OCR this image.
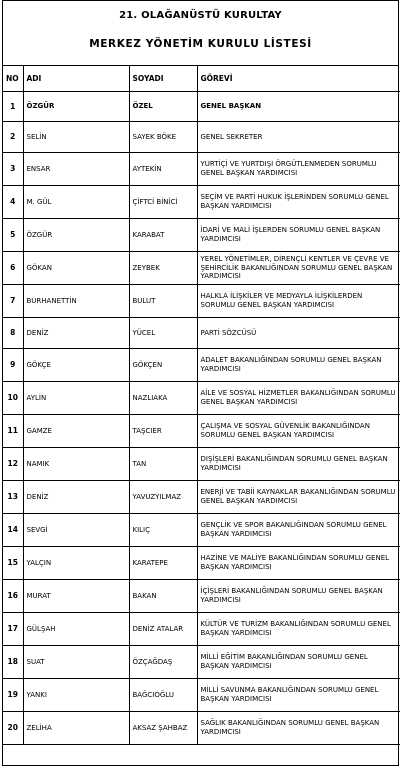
21. OLAĞANÜSTÜ KURULTAY
MERKEZ YÖNETİM KURULU LİSTESİ
NO	ADI	SOYADI	GÖREVİ
1	ÖZGÜR	ÖZEL	GENEL BAŞKAN
2	SELİN	SAYEK BÖKE	GENEL SEKRETER
3	ENSAR	AYTEKİN	YURTİÇİ VE YURTDIŞI ÖRGÜTLENMEDEN SORUMLU GENEL BAŞKAN YARDIMCISI
4	M. GÜL	ÇİFTCİ BİNİCİ	SEÇİM VE PARTİ HUKUK İŞLERİNDEN SORUMLU GENEL BAŞKAN YARDIMCISI
5	ÖZGÜR	KARABAT	İDARİ VE MALİ İŞLERDEN SORUMLU GENEL BAŞKAN YARDIMCISI
6	GÖKAN	ZEYBEK	YEREL YÖNETİMLER, DİRENÇLİ KENTLER VE ÇEVRE VE ŞEHİRCİLİK BAKANLIĞINDAN SORUMLU GENEL BAŞKAN YARDIMCISI
7	BURHANETTİN	BULUT	HALKLA İLİŞKİLER VE MEDYAYLA İLİŞKİLERDEN SORUMLU GENEL BAŞKAN YARDIMCISI
8	DENİZ	YÜCEL	PARTİ SÖZCÜSÜ
9	GÖKÇE	GÖKÇEN	ADALET BAKANLIĞINDAN SORUMLU GENEL BAŞKAN YARDIMCISI
10	AYLİN	NAZLIAKA	AİLE VE SOSYAL HİZMETLER BAKANLIĞINDAN SORUMLU GENEL BAŞKAN YARDIMCISI
11	GAMZE	TAŞCIER	ÇALIŞMA VE SOSYAL GÜVENLİK BAKANLIĞINDAN SORUMLU GENEL BAŞKAN YARDIMCISI
12	NAMIK	TAN	DIŞİŞLERİ BAKANLIĞINDAN SORUMLU GENEL BAŞKAN YARDIMCISI
13	DENİZ	YAVUZYILMAZ	ENERJİ VE TABİİ KAYNAKLAR BAKANLIĞINDAN SORUMLU GENEL BAŞKAN YARDIMCISI
14	SEVGİ	KILIÇ	GENÇLİK VE SPOR BAKANLIĞINDAN SORUMLU GENEL BAŞKAN YARDIMCISI
15	YALÇIN	KARATEPE	HAZİNE VE MALİYE BAKANLIĞINDAN SORUMLU GENEL BAŞKAN YARDIMCISI
16	MURAT	BAKAN	İÇİŞLERİ BAKANLIĞINDAN SORUMLU GENEL BAŞKAN YARDIMCISI
17	GÜLŞAH	DENİZ ATALAR	KÜLTÜR VE TURİZM BAKANLIĞINDAN SORUMLU GENEL BAŞKAN YARDIMCISI
18	SUAT	ÖZÇAĞDAŞ	MİLLİ EĞİTİM BAKANLIĞINDAN SORUMLU GENEL BAŞKAN YARDIMCISI
19	YANKI	BAĞCIOĞLU	MİLLİ SAVUNMA BAKANLIĞINDAN SORUMLU GENEL BAŞKAN YARDIMCISI
20	ZELİHA	AKSAZ ŞAHBAZ	SAĞLIK BAKANLIĞINDAN SORUMLU GENEL BAŞKAN YARDIMCISI
